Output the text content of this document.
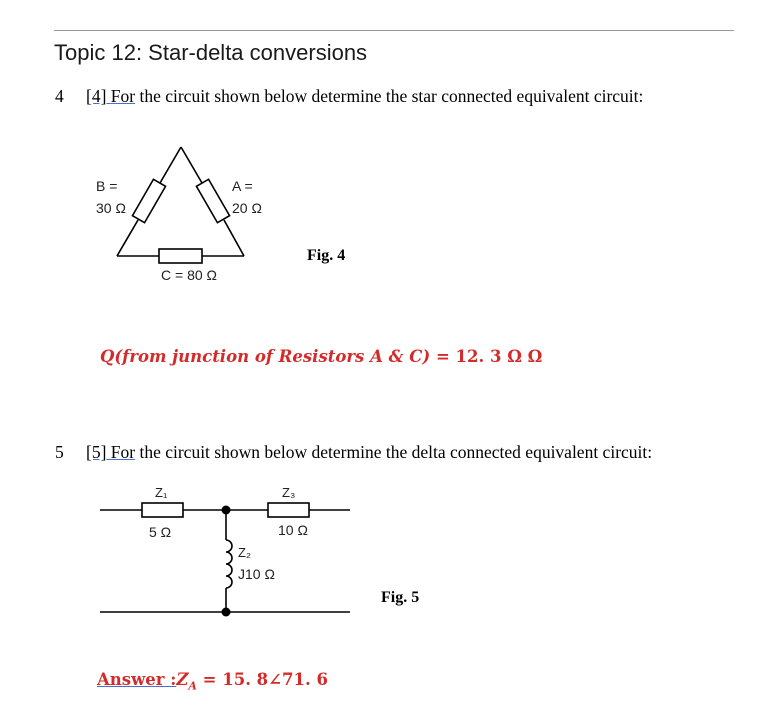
Topic 12: Star-delta conversions
4 [4] For the circuit shown below determine the star connected equivalent circuit:
B =
30 Ω
A =
20 Ω
C = 80 Ω
Fig. 4
Q(from junction of Resistors A & C) = 12. 3 Ω Ω
5 [5] For the circuit shown below determine the delta connected equivalent circuit:
Z₁
5 Ω
Z₃
10 Ω
Z₂
J10 Ω
Fig. 5
Answer $:Z_A = 15$. 8∠71. 6
